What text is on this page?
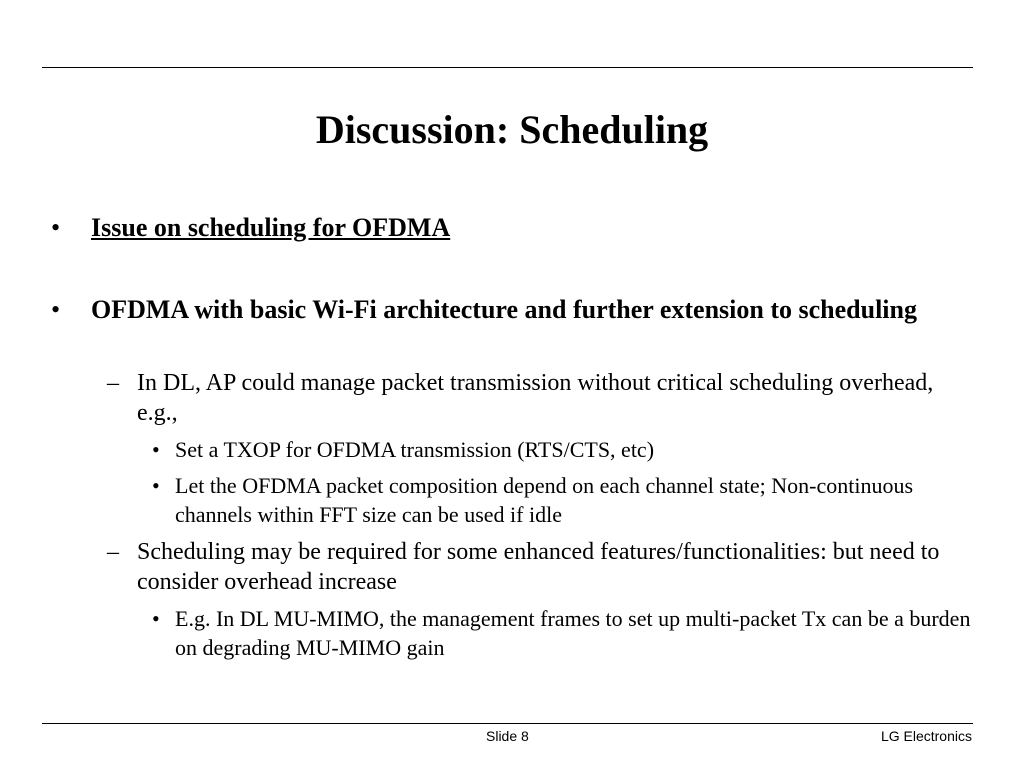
Discussion: Scheduling
• Issue on scheduling for OFDMA
• OFDMA with basic Wi-Fi architecture and further extension to scheduling
– In DL, AP could manage packet transmission without critical scheduling overhead, e.g.,
• Set a TXOP for OFDMA transmission (RTS/CTS, etc)
• Let the OFDMA packet composition depend on each channel state; Non-continuous channels within FFT size can be used if idle
– Scheduling may be required for some enhanced features/functionalities: but need to consider overhead increase
• E.g. In DL MU-MIMO, the management frames to set up multi-packet Tx can be a burden on degrading MU-MIMO gain
Slide 8	LG Electronics
